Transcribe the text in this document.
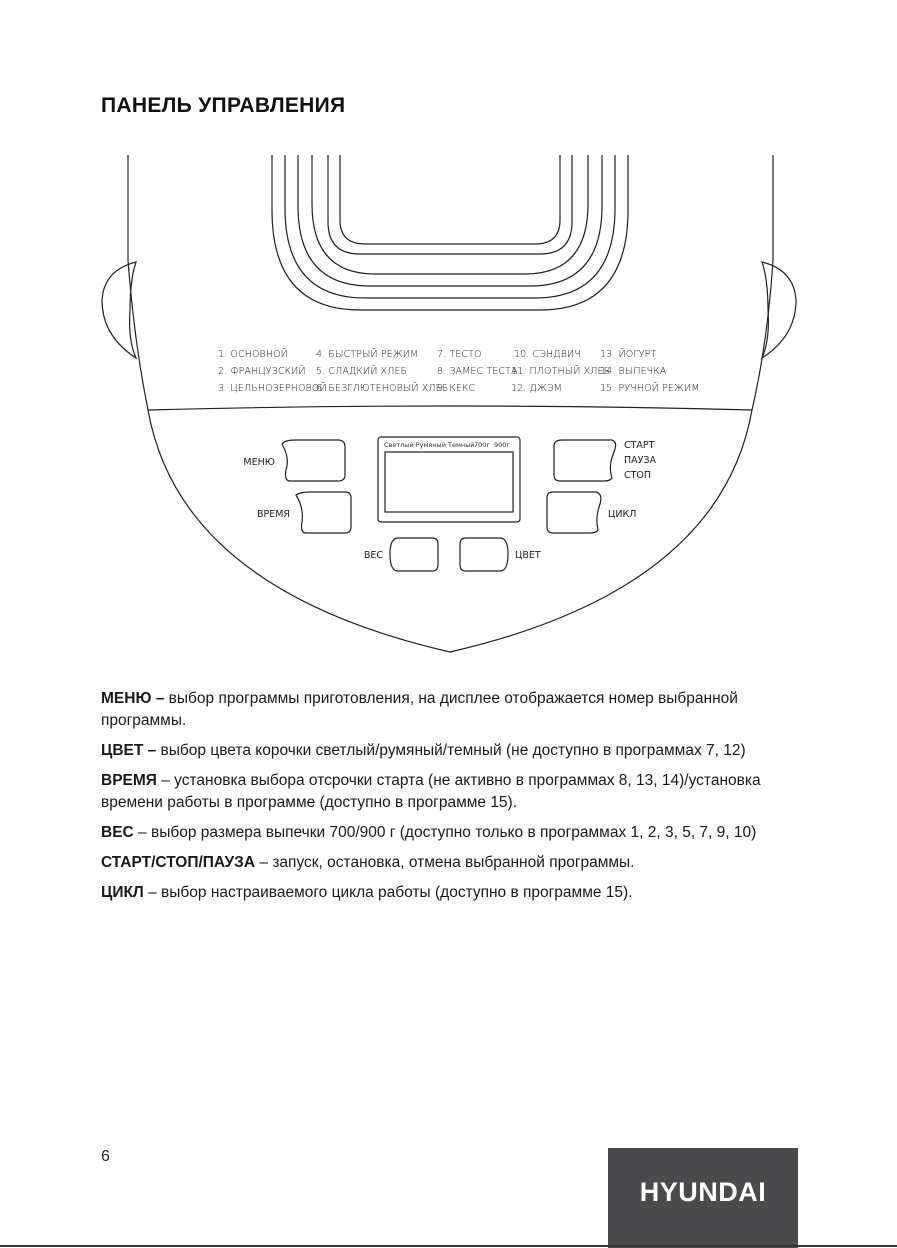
ПАНЕЛЬ УПРАВЛЕНИЯ
1. ОСНОВНОЙ
2. ФРАНЦУЗСКИЙ
3. ЦЕЛЬНОЗЕРНОВОЙ
4. БЫСТРЫЙ РЕЖИМ
5. СЛАДКИЙ ХЛЕБ
6. БЕЗГЛЮТЕНОВЫЙ ХЛЕБ
7. ТЕСТО
8. ЗАМЕС ТЕСТА
9. КЕКС
10. СЭНДВИЧ
11. ПЛОТНЫЙ ХЛЕБ
12. ДЖЭМ
13. ЙОГУРТ
14. ВЫПЕЧКА
15. РУЧНОЙ РЕЖИМ
Светлый Румяный Темный 700г 900г
МЕНЮ
ВРЕМЯ
ВЕС	ЦВЕТ
СТАРТ
ПАУЗА
СТОП
ЦИКЛ

МЕНЮ – выбор программы приготовления, на дисплее отображается номер выбранной программы.

ЦВЕТ – выбор цвета корочки светлый/румяный/темный (не доступно в программах 7, 12)

ВРЕМЯ – установка выбора отсрочки старта (не активно в программах 8, 13, 14)/установка времени работы в программе (доступно в программе 15).

ВЕС – выбор размера выпечки 700/900 г (доступно только в программах 1, 2, 3, 5, 7, 9, 10)

СТАРТ/СТОП/ПАУЗА – запуск, остановка, отмена выбранной программы.

ЦИКЛ – выбор настраиваемого цикла работы (доступно в программе 15).

6
HYUNDAI
